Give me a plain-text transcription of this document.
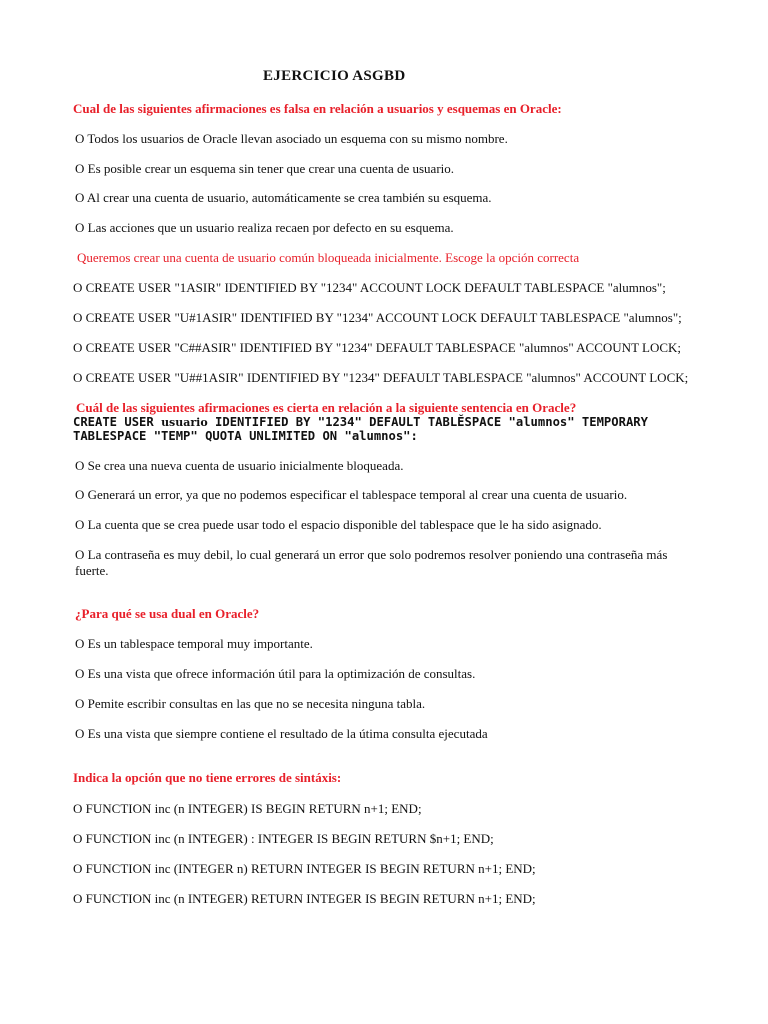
EJERCICIO ASGBD
Cual de las siguientes afirmaciones es falsa en relación a usuarios y esquemas en Oracle:
O Todos los usuarios de Oracle llevan asociado un esquema con su mismo nombre.
O Es posible crear un esquema sin tener que crear una cuenta de usuario.
O Al crear una cuenta de usuario, automáticamente se crea también su esquema.
O Las acciones que un usuario realiza recaen por defecto en su esquema.
Queremos crear una cuenta de usuario común bloqueada inicialmente. Escoge la opción correcta
O CREATE USER "1ASIR" IDENTIFIED BY "1234" ACCOUNT LOCK DEFAULT TABLESPACE "alumnos";
O CREATE USER "U#1ASIR" IDENTIFIED BY "1234" ACCOUNT LOCK DEFAULT TABLESPACE "alumnos";
O CREATE USER "C##ASIR" IDENTIFIED BY "1234" DEFAULT TABLESPACE "alumnos" ACCOUNT LOCK;
O CREATE USER "U##1ASIR" IDENTIFIED BY "1234" DEFAULT TABLESPACE "alumnos" ACCOUNT LOCK;
Cuál de las siguientes afirmaciones es cierta en relación a la siguiente sentencia en Oracle?
CREATE USER usuario IDENTIFIED BY "1234" DEFAULT TABLĚSPACE "alumnos" TEMPORARY
TABLESPACE "TEMP" QUOTA UNLIMITED ON "alumnos":
O Se crea una nueva cuenta de usuario inicialmente bloqueada.
O Generará un error, ya que no podemos especificar el tablespace temporal al crear una cuenta de usuario.
O La cuenta que se crea puede usar todo el espacio disponible del tablespace que le ha sido asignado.
O La contraseña es muy debil, lo cual generará un error que solo podremos resolver poniendo una contraseña más fuerte.
¿Para qué se usa dual en Oracle?
O Es un tablespace temporal muy importante.
O Es una vista que ofrece información útil para la optimización de consultas.
O Pemite escribir consultas en las que no se necesita ninguna tabla.
O Es una vista que siempre contiene el resultado de la útima consulta ejecutada
Indica la opción que no tiene errores de sintáxis:
O FUNCTION inc (n INTEGER) IS BEGIN RETURN n+1; END;
O FUNCTION inc (n INTEGER) : INTEGER IS BEGIN RETURN $n+1; END;
O FUNCTION inc (INTEGER n) RETURN INTEGER IS BEGIN RETURN n+1; END;
O FUNCTION inc (n INTEGER) RETURN INTEGER IS BEGIN RETURN n+1; END;
